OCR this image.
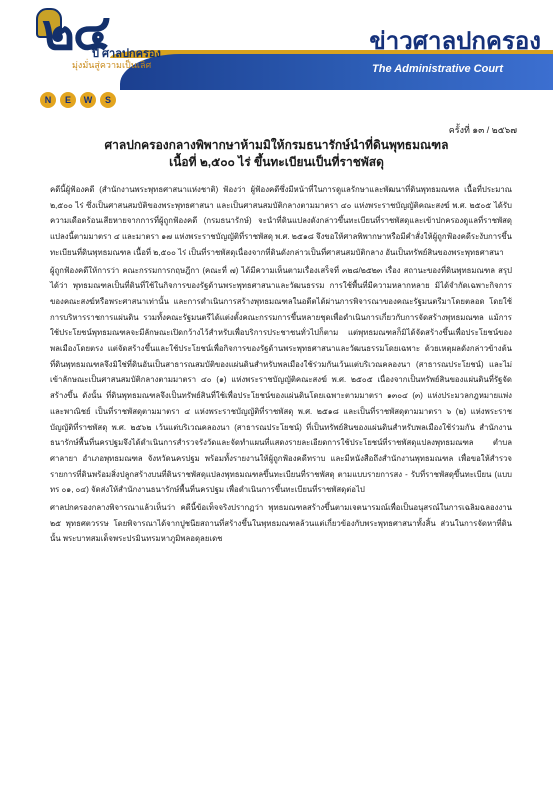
๒๔
ปี ศาลปกครอง
มุ่งมั่นสู่ความเป็นเลิศ
ข่าวศาลปกครอง
The Administrative Court
N	E	W	S
ครั้งที่ ๑๓ / ๒๕๖๗
ศาลปกครองกลางพิพากษาห้ามมิให้กรมธนารักษ์นำที่ดินพุทธมณฑล
เนื้อที่ ๒,๕๐๐ ไร่ ขึ้นทะเบียนเป็นที่ราชพัสดุ

คดีนี้ผู้ฟ้องคดี (สำนักงานพระพุทธศาสนาแห่งชาติ) ฟ้องว่า ผู้ฟ้องคดีซึ่งมีหน้าที่ในการดูแลรักษาและพัฒนาที่ดินพุทธมณฑล เนื้อที่ประมาณ ๒,๕๐๐ ไร่ ซึ่งเป็นศาสนสมบัติของพระพุทธศาสนา และเป็นศาสนสมบัติกลางตามมาตรา ๔๐ แห่งพระราชบัญญัติคณะสงฆ์ พ.ศ. ๒๕๐๕ ได้รับความเดือดร้อนเสียหายจากการที่ผู้ถูกฟ้องคดี (กรมธนารักษ์) จะนำที่ดินแปลงดังกล่าวขึ้นทะเบียนที่ราชพัสดุและเข้าปกครองดูแลที่ราชพัสดุแปลงนี้ตามมาตรา ๔ และมาตรา ๑๗ แห่งพระราชบัญญัติที่ราชพัสดุ พ.ศ. ๒๕๑๘ จึงขอให้ศาลพิพากษาหรือมีคำสั่งให้ผู้ถูกฟ้องคดีระงับการขึ้นทะเบียนที่ดินพุทธมณฑล เนื้อที่ ๒,๕๐๐ ไร่ เป็นที่ราชพัสดุเนื่องจากที่ดินดังกล่าวเป็นที่ศาสนสมบัติกลาง อันเป็นทรัพย์สินของพระพุทธศาสนา

ผู้ถูกฟ้องคดีให้การว่า คณะกรรมการกฤษฎีกา (คณะที่ ๗) ได้มีความเห็นตามเรื่องเสร็จที่ ๓๒๘/๒๕๒๓ เรื่อง สถานะของที่ดินพุทธมณฑล สรุปได้ว่า พุทธมณฑลเป็นที่ดินที่ใช้ในกิจการของรัฐด้านพระพุทธศาสนาและวัฒนธรรม การใช้พื้นที่มีความหลากหลาย มิได้จำกัดเฉพาะกิจการของคณะสงฆ์หรือพระศาสนาเท่านั้น และการดำเนินการสร้างพุทธมณฑลในอดีตได้ผ่านการพิจารณาของคณะรัฐมนตรีมาโดยตลอด โดยใช้การบริหารราชการแผ่นดิน รวมทั้งคณะรัฐมนตรีได้แต่งตั้งคณะกรรมการขึ้นหลายชุดเพื่อดำเนินการเกี่ยวกับการจัดสร้างพุทธมณฑล แม้การใช้ประโยชน์พุทธมณฑลจะมีลักษณะเปิดกว้างไว้สำหรับเพื่อบริการประชาชนทั่วไปก็ตาม แต่พุทธมณฑลก็มิได้จัดสร้างขึ้นเพื่อประโยชน์ของพลเมืองโดยตรง แต่จัดสร้างขึ้นและใช้ประโยชน์เพื่อกิจการของรัฐด้านพระพุทธศาสนาและวัฒนธรรมโดยเฉพาะ ด้วยเหตุผลดังกล่าวข้างต้น ที่ดินพุทธมณฑลจึงมิใช่ที่ดินอันเป็นสาธารณสมบัติของแผ่นดินสำหรับพลเมืองใช้ร่วมกันเว้นแต่บริเวณคลองนา (สาธารณประโยชน์) และไม่เข้าลักษณะเป็นศาสนสมบัติกลางตามมาตรา ๔๐ (๑) แห่งพระราชบัญญัติคณะสงฆ์ พ.ศ. ๒๕๐๕ เนื่องจากเป็นทรัพย์สินของแผ่นดินที่รัฐจัดสร้างขึ้น ดังนั้น ที่ดินพุทธมณฑลจึงเป็นทรัพย์สินที่ใช้เพื่อประโยชน์ของแผ่นดินโดยเฉพาะตามมาตรา ๑๓๐๔ (๓) แห่งประมวลกฎหมายแพ่งและพาณิชย์ เป็นที่ราชพัสดุตามมาตรา ๔ แห่งพระราชบัญญัติที่ราชพัสดุ พ.ศ. ๒๕๑๘ และเป็นที่ราชพัสดุตามมาตรา ๖ (๒) แห่งพระราชบัญญัติที่ราชพัสดุ พ.ศ. ๒๕๖๒ เว้นแต่บริเวณคลองนา (สาธารณประโยชน์) ที่เป็นทรัพย์สินของแผ่นดินสำหรับพลเมืองใช้ร่วมกัน สำนักงานธนารักษ์พื้นที่นครปฐมจึงได้ดำเนินการสำรวจรังวัดและจัดทำแผนที่แสดงรายละเอียดการใช้ประโยชน์ที่ราชพัสดุแปลงพุทธมณฑล ตำบลศาลายา อำเภอพุทธมณฑล จังหวัดนครปฐม พร้อมทั้งรายงานให้ผู้ถูกฟ้องคดีทราบ และมีหนังสือถึงสำนักงานพุทธมณฑล เพื่อขอให้สำรวจรายการที่ดินพร้อมสิ่งปลูกสร้างบนที่ดินราชพัสดุแปลงพุทธมณฑลขึ้นทะเบียนที่ราชพัสดุ ตามแบบรายการสง - รับที่ราชพัสดุขึ้นทะเบียน (แบบ ทร ๐๑, ๐๔) จัดส่งให้สำนักงานธนารักษ์พื้นที่นครปฐม เพื่อดำเนินการขึ้นทะเบียนที่ราชพัสดุต่อไป

ศาลปกครองกลางพิจารณาแล้วเห็นว่า คดีนี้ข้อเท็จจริงปรากฏว่า พุทธมณฑลสร้างขึ้นตามเจตนารมณ์เพื่อเป็นอนุสรณ์ในการเฉลิมฉลองงาน ๒๕ พุทธศตวรรษ โดยพิจารณาได้จากปูชนียสถานที่สร้างขึ้นในพุทธมณฑลล้วนแต่เกี่ยวข้องกับพระพุทธศาสนาทั้งสิ้น ส่วนในการจัดหาที่ดินนั้น พระบาทสมเด็จพระปรมินทรมหาภูมิพลอดุลยเดช
